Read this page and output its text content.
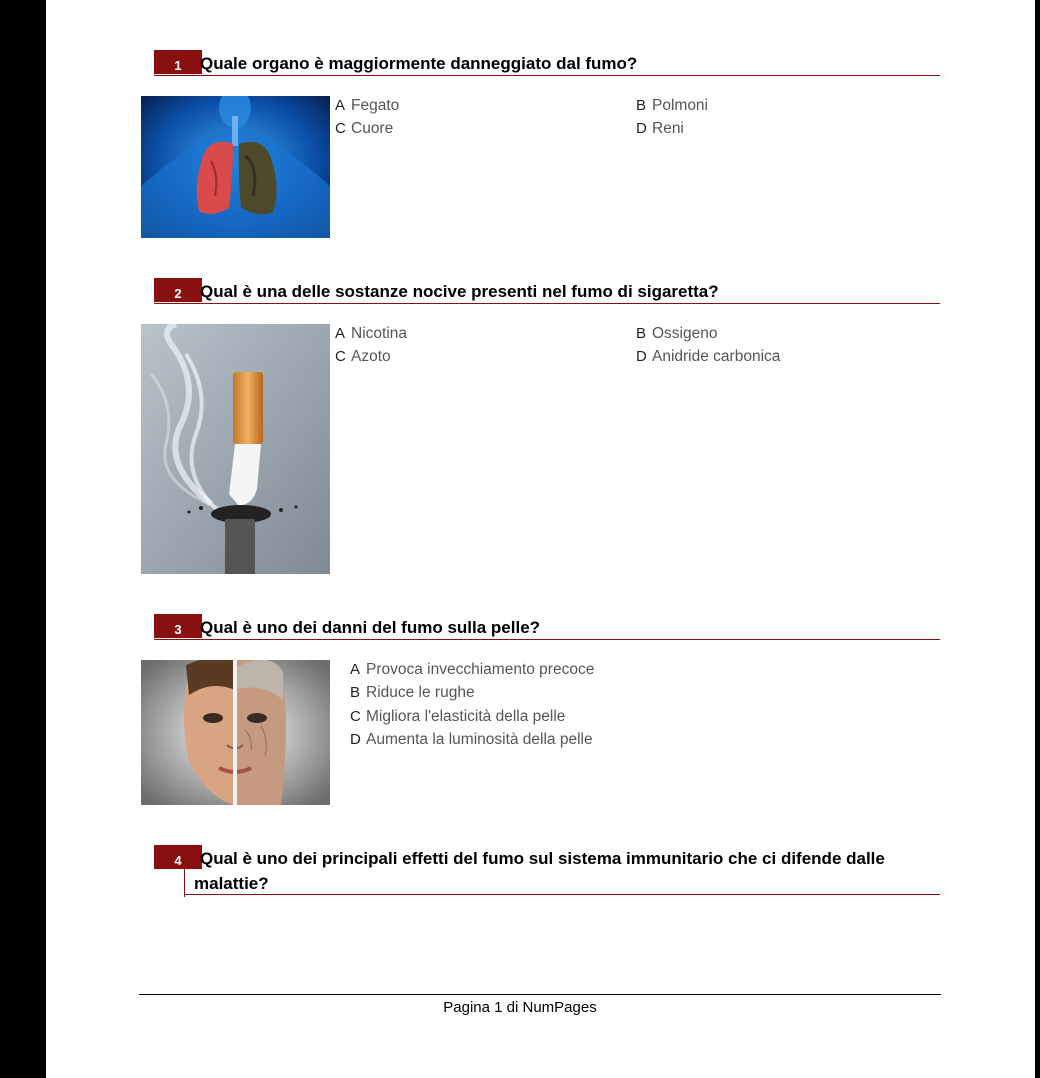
1	Quale organo è maggiormente danneggiato dal fumo?
A Fegato	B Polmoni
C Cuore	D Reni
2	Qual è una delle sostanze nocive presenti nel fumo di sigaretta?
A Nicotina	B Ossigeno
C Azoto	D Anidride carbonica
3	Qual è uno dei danni del fumo sulla pelle?
A Provoca invecchiamento precoce
B Riduce le rughe
C Migliora l'elasticità della pelle
D Aumenta la luminosità della pelle
4	Qual è uno dei principali effetti del fumo sul sistema immunitario che ci difende dalle
malattie?
Pagina 1 di NumPages
